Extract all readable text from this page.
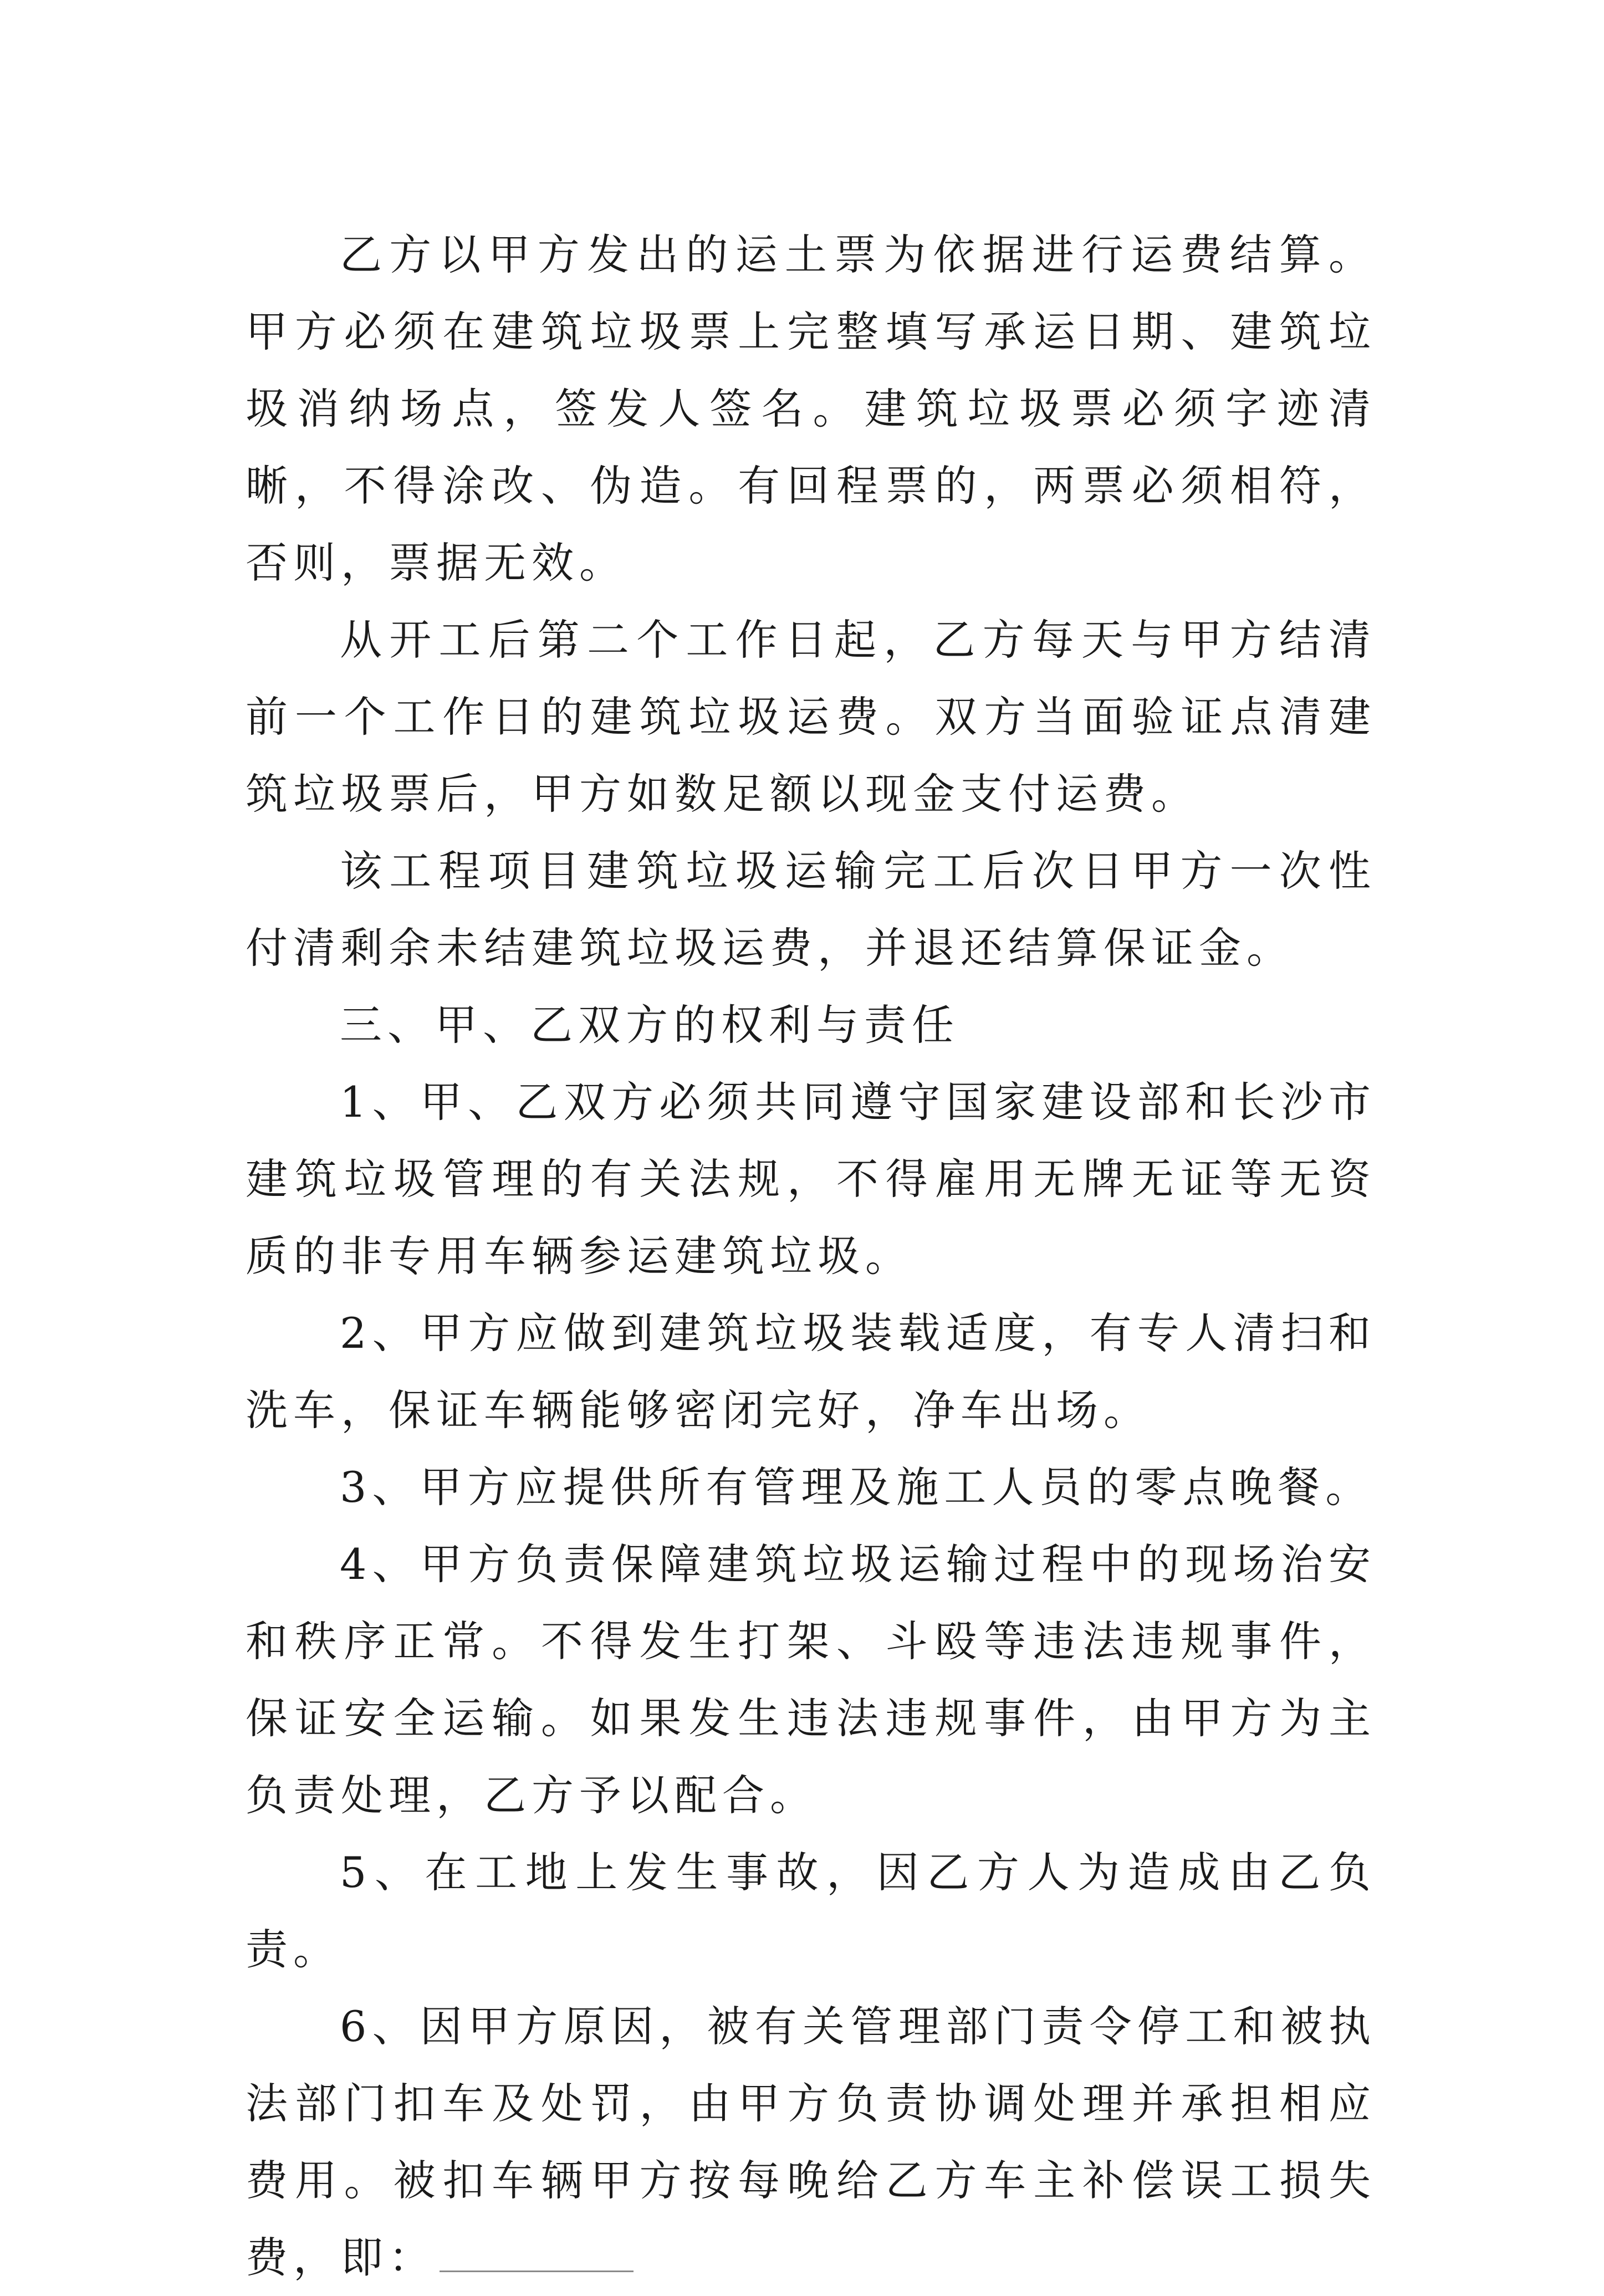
乙方以甲方发出的运土票为依据进行运费结算。甲方必须在建筑垃圾票上完整填写承运日期、建筑垃圾消纳场点，签发人签名。建筑垃圾票必须字迹清晰，不得涂改、伪造。有回程票的，两票必须相符，否则，票据无效。

从开工后第二个工作日起，乙方每天与甲方结清前一个工作日的建筑垃圾运费。双方当面验证点清建筑垃圾票后，甲方如数足额以现金支付运费。

该工程项目建筑垃圾运输完工后次日甲方一次性付清剩余未结建筑垃圾运费，并退还结算保证金。

三、甲、乙双方的权利与责任

1、甲、乙双方必须共同遵守国家建设部和长沙市建筑垃圾管理的有关法规，不得雇用无牌无证等无资质的非专用车辆参运建筑垃圾。

2、甲方应做到建筑垃圾装载适度，有专人清扫和洗车，保证车辆能够密闭完好，净车出场。

3、甲方应提供所有管理及施工人员的零点晚餐。

4、甲方负责保障建筑垃圾运输过程中的现场治安和秩序正常。不得发生打架、斗殴等违法违规事件，保证安全运输。如果发生违法违规事件，由甲方为主负责处理，乙方予以配合。

5、在工地上发生事故，因乙方人为造成由乙负责。

6、因甲方原因，被有关管理部门责令停工和被执法部门扣车及处罚，由甲方负责协调处理并承担相应费用。被扣车辆甲方按每晚给乙方车主补偿误工损失费，即：
